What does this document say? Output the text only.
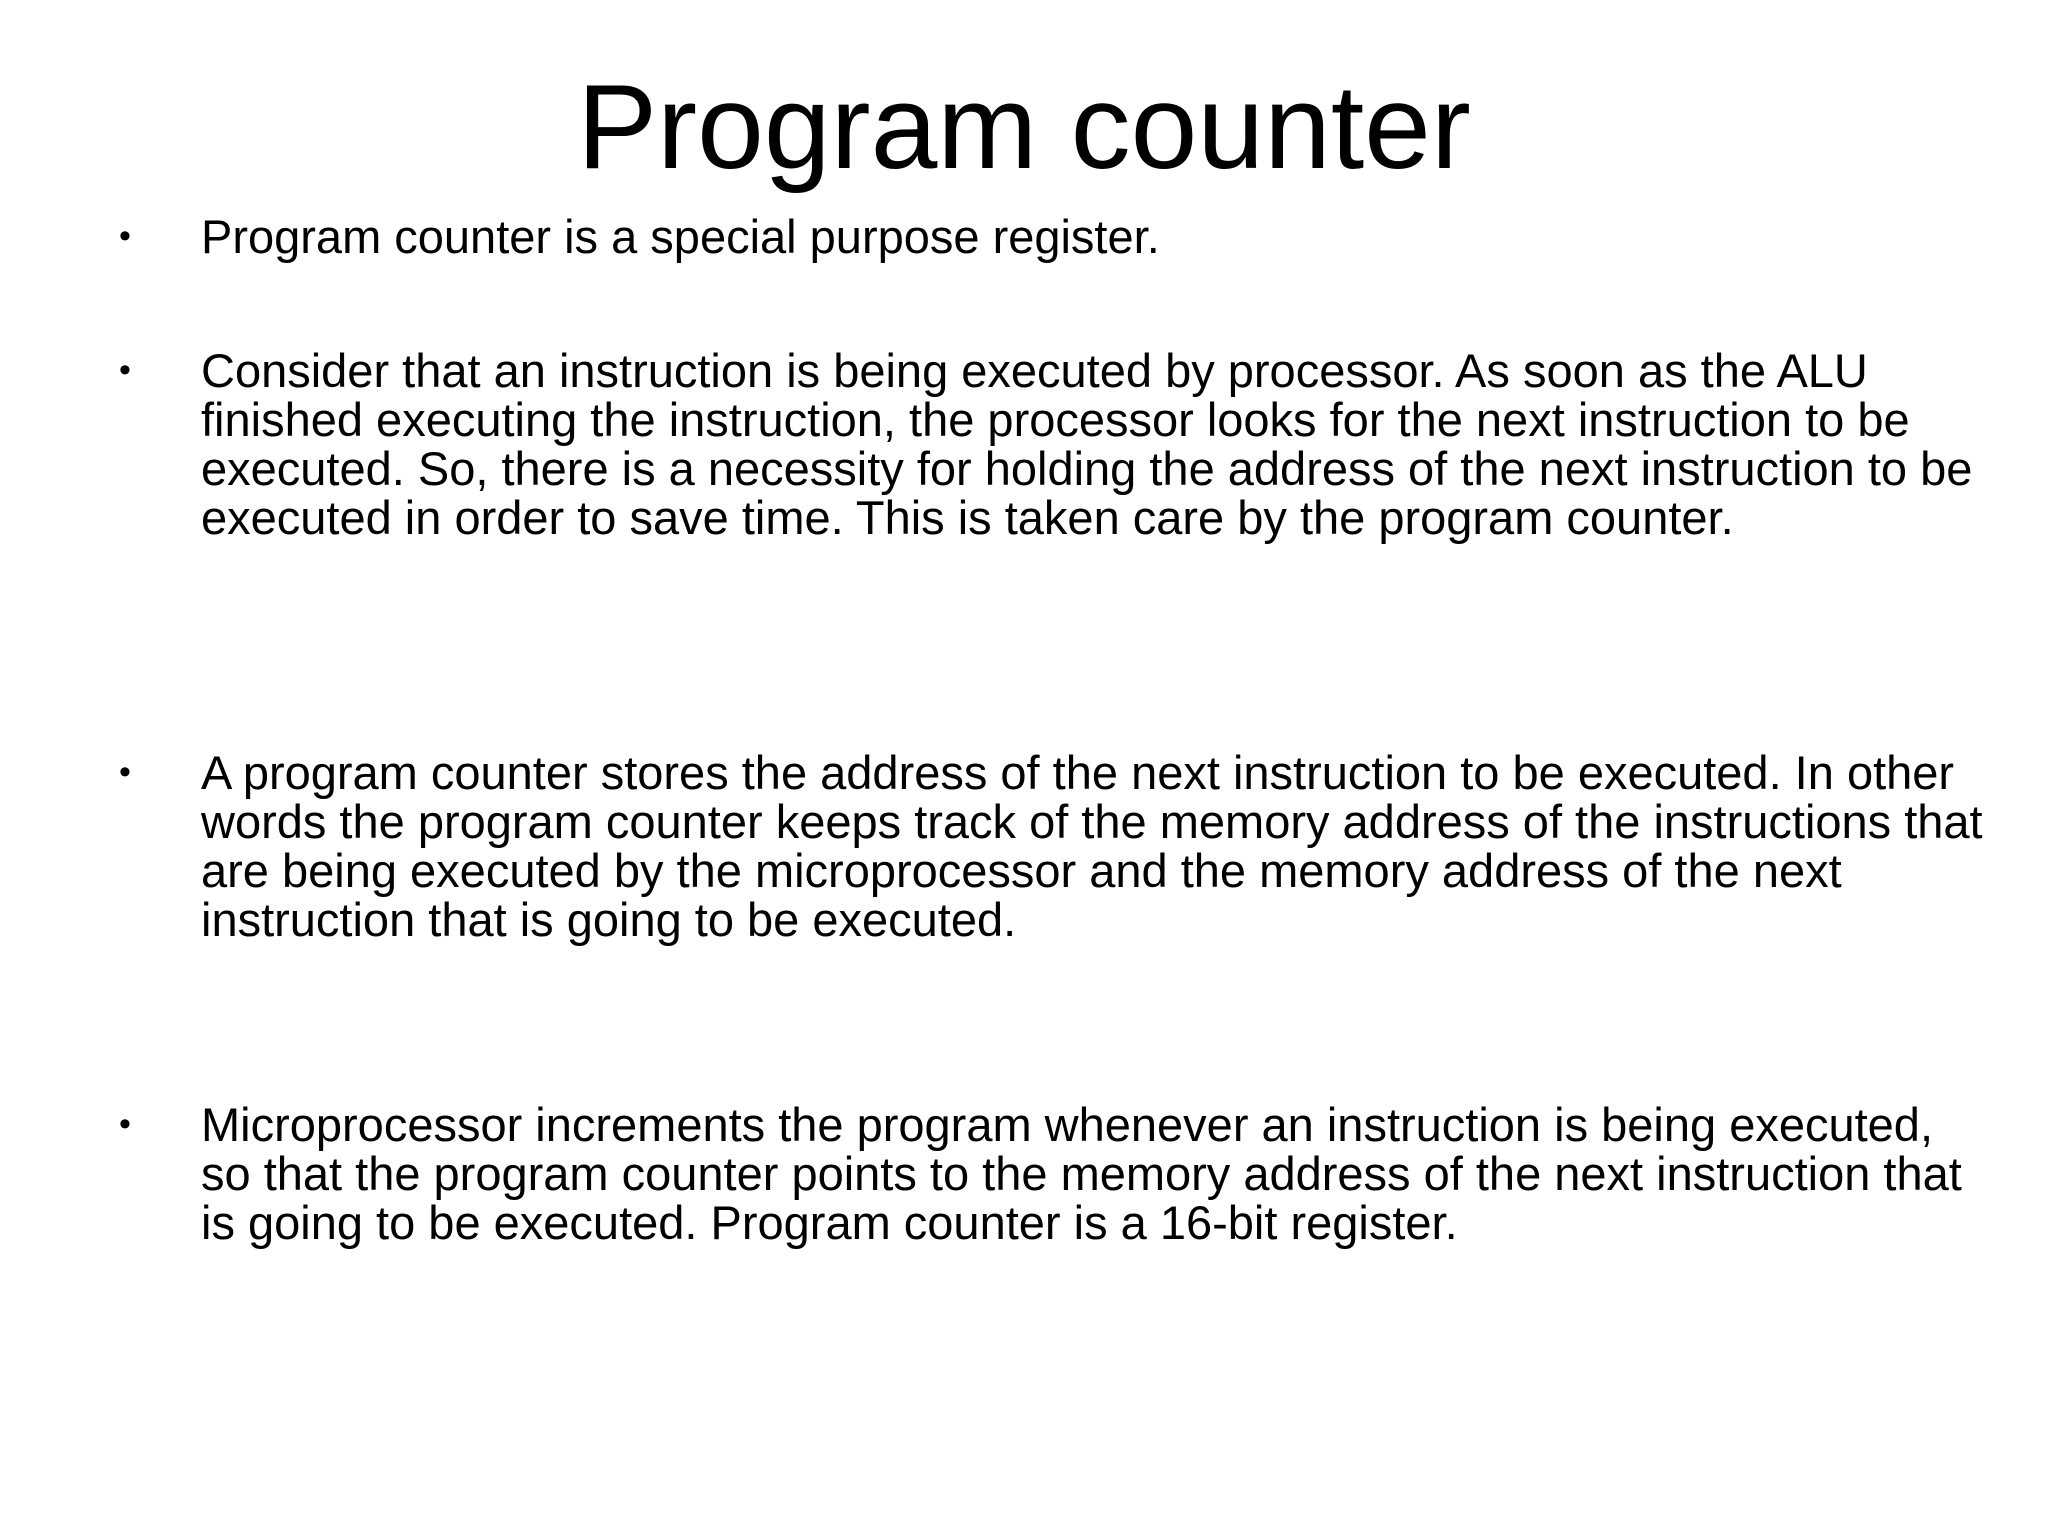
Program counter
• Program counter is a special purpose register.
• Consider that an instruction is being executed by processor. As soon as the ALU finished executing the instruction, the processor looks for the next instruction to be executed. So, there is a necessity for holding the address of the next instruction to be executed in order to save time. This is taken care by the program counter.
• A program counter stores the address of the next instruction to be executed. In other words the program counter keeps track of the memory address of the instructions that are being executed by the microprocessor and the memory address of the next instruction that is going to be executed.
• Microprocessor increments the program whenever an instruction is being executed, so that the program counter points to the memory address of the next instruction that is going to be executed. Program counter is a 16-bit register.
